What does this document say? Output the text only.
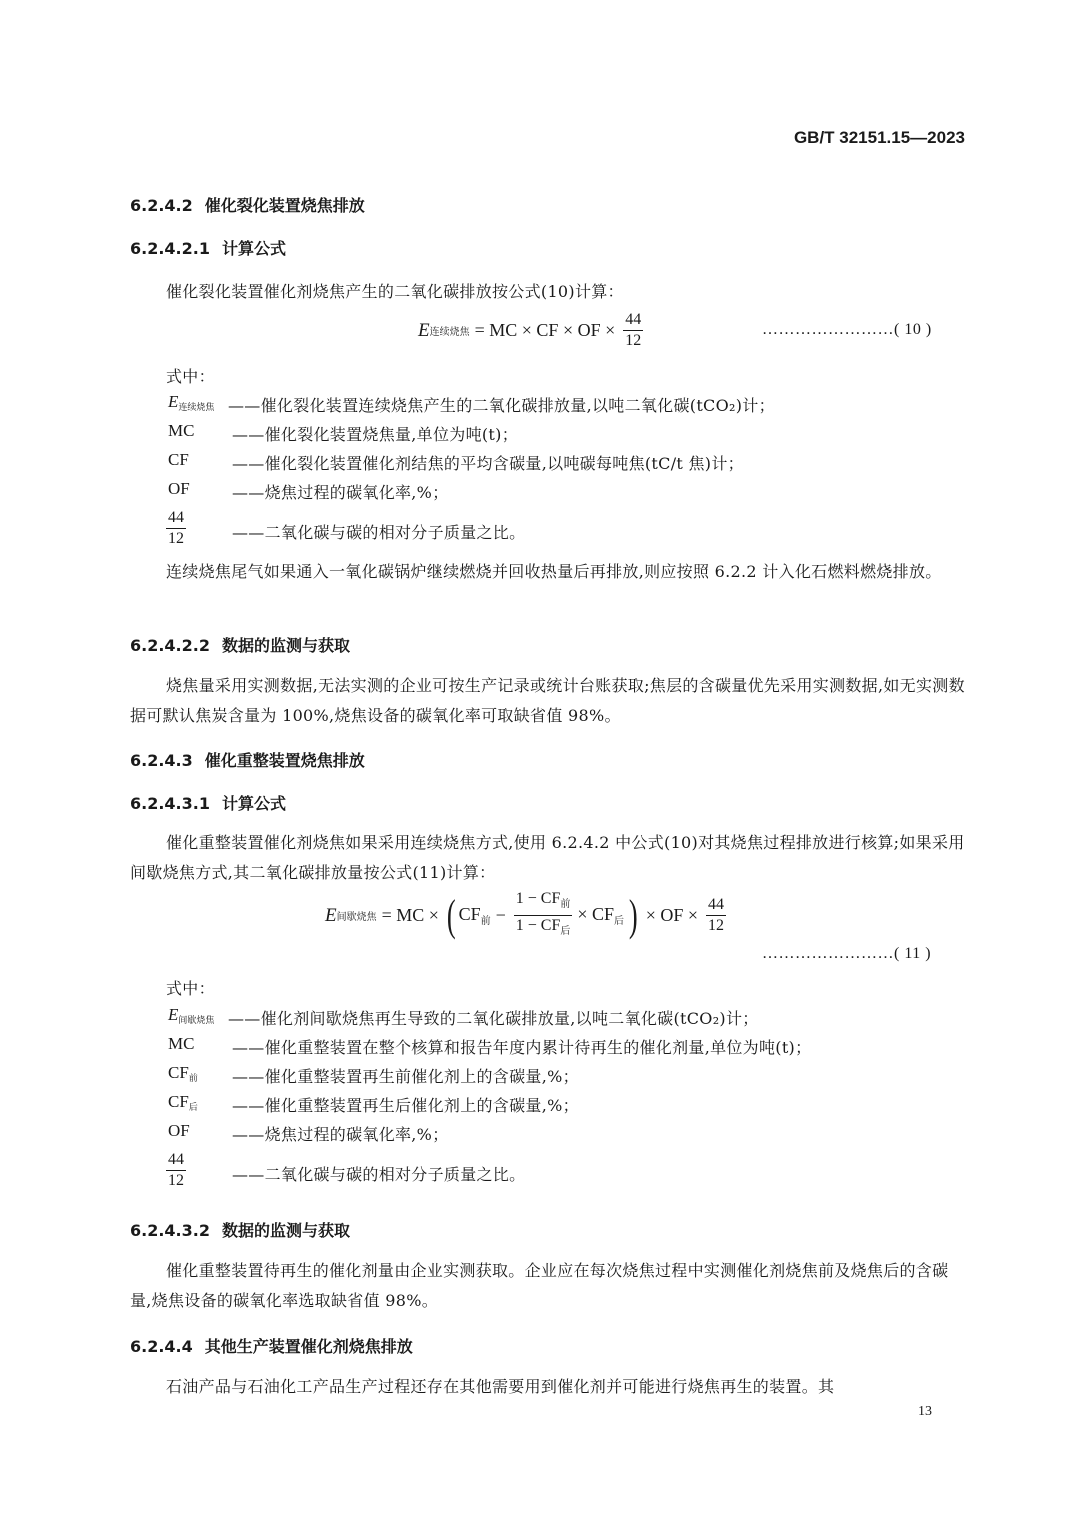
GB/T 32151.15—2023
6.2.4.2 催化裂化装置烧焦排放
6.2.4.2.1 计算公式
催化裂化装置催化剂烧焦产生的二氧化碳排放按公式(10)计算：
E 连续烧焦 = MC × CF × OF × $\frac{44}{12}$	……………………( 10 )
式中：
$E_{连续烧焦}$ ——催化裂化装置连续烧焦产生的二氧化碳排放量,以吨二氧化碳(tCO₂)计；
MC ——催化裂化装置烧焦量,单位为吨(t)；
CF	——催化裂化装置催化剂结焦的平均含碳量,以吨碳每吨焦(tC/t 焦)计；
OF	——烧焦过程的碳氧化率,%；
$\frac{44}{12}$	——二氧化碳与碳的相对分子质量之比。
连续烧焦尾气如果通入一氧化碳锅炉继续燃烧并回收热量后再排放,则应按照 6.2.2 计入化石燃料燃烧排放。
6.2.4.2.2 数据的监测与获取
烧焦量采用实测数据,无法实测的企业可按生产记录或统计台账获取;焦层的含碳量优先采用实测数据,如无实测数据可默认焦炭含量为 100%,烧焦设备的碳氧化率可取缺省值 98%。
6.2.4.3 催化重整装置烧焦排放
6.2.4.3.1 计算公式
催化重整装置催化剂烧焦如果采用连续烧焦方式,使用 6.2.4.2 中公式(10)对其烧焦过程排放进行核算;如果采用间歇烧焦方式,其二氧化碳排放量按公式(11)计算：
E 间歇烧焦 = MC × ( $CF_前 - \frac{1 - CF_前}{1 - CF_后} \times CF_后$ ) × OF × $\frac{44}{12}$
……………………( 11 )
式中：
$E_{间歇烧焦}$ ——催化剂间歇烧焦再生导致的二氧化碳排放量,以吨二氧化碳(tCO₂)计；
MC ——催化重整装置在整个核算和报告年度内累计待再生的催化剂量,单位为吨(t)；
$CF_前$ ——催化重整装置再生前催化剂上的含碳量,%；
$CF_后$ ——催化重整装置再生后催化剂上的含碳量,%；
OF	——烧焦过程的碳氧化率,%；
$\frac{44}{12}$	——二氧化碳与碳的相对分子质量之比。
6.2.4.3.2 数据的监测与获取
催化重整装置待再生的催化剂量由企业实测获取。企业应在每次烧焦过程中实测催化剂烧焦前及烧焦后的含碳量,烧焦设备的碳氧化率选取缺省值 98%。
6.2.4.4 其他生产装置催化剂烧焦排放
石油产品与石油化工产品生产过程还存在其他需要用到催化剂并可能进行烧焦再生的装置。其
13
